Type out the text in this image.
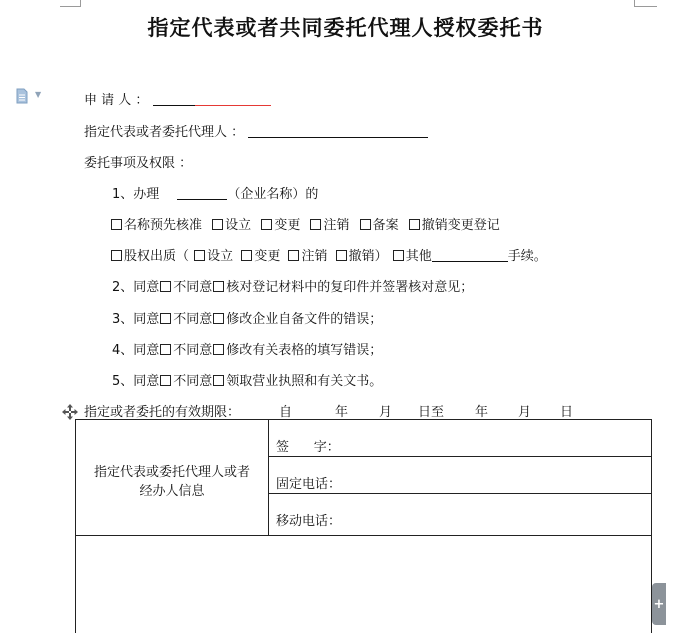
指定代表或者共同委托代理人授权委托书
▼	申 请 人 ：
指定代表或者委托代理人 ：
委托事项及权限 ：
1、办理	（企业名称）的
名称预先核准 设立 变更 注销 备案 撤销变更登记
股权出质（ 设立 变更 注销 撤销） 其他	手续。
2、同意 不同意 核对登记材料中的复印件并签署核对意见；
3、同意 不同意 修改企业自备文件的错误；
4、同意 不同意 修改有关表格的填写错误；
5、同意 不同意 领取营业执照和有关文书。
指定或者委托的有效期限：	自	年 月 日至 年 月 日
指定代表或委托代理人或者
经办人信息
签      字：
固定电话：
移动电话：
+
